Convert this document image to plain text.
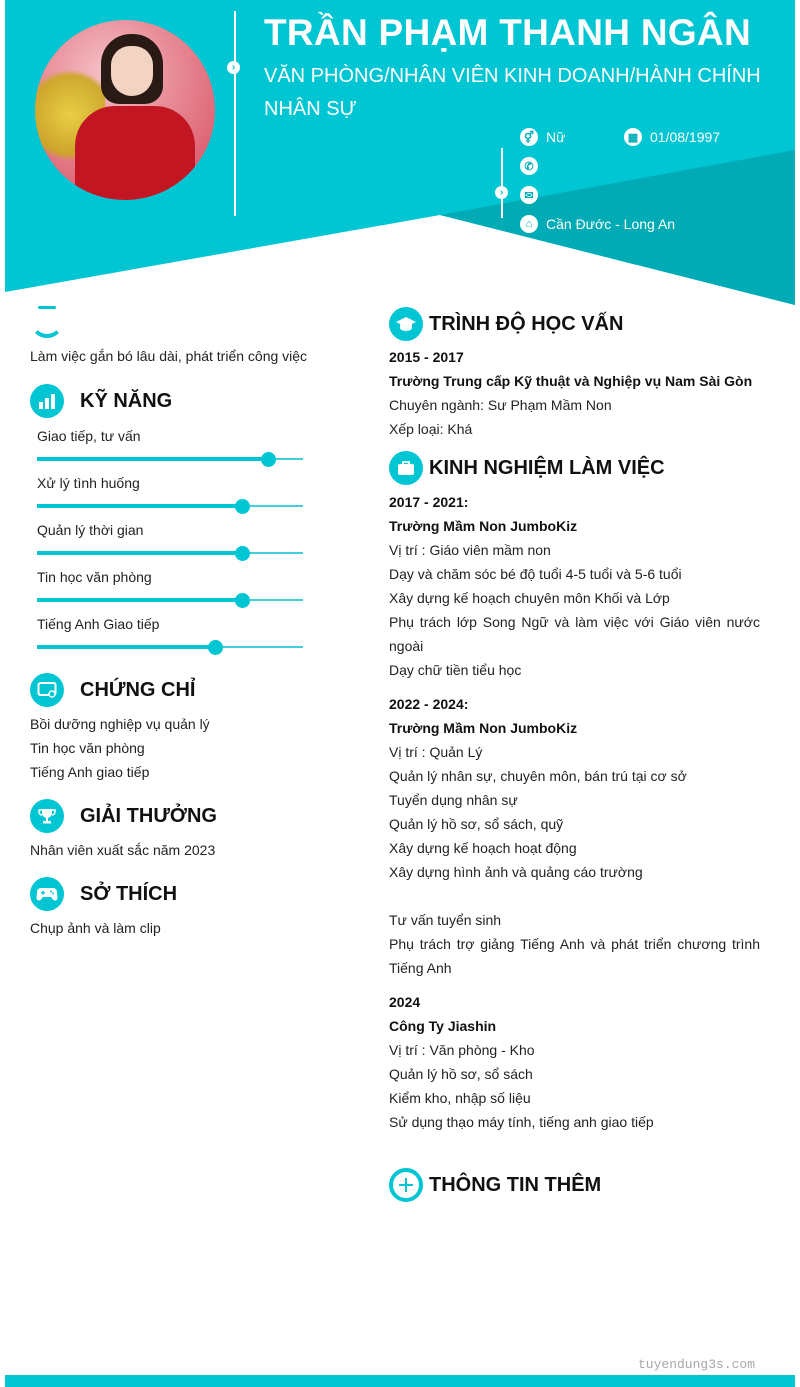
›
TRẦN PHẠM THANH NGÂN
VĂN PHÒNG/NHÂN VIÊN KINH DOANH/HÀNH CHÍNH NHÂN SỰ
›
⚥ Nữ	▦ 01/08/1997
✆
✉
⌂ Cần Đước - Long An
Làm việc gắn bó lâu dài, phát triển công việc
KỸ NĂNG
Giao tiếp, tư vấn
Xử lý tình huống
Quản lý thời gian
Tin học văn phòng
Tiếng Anh Giao tiếp
CHỨNG CHỈ
Bồi dưỡng nghiệp vụ quản lý
Tin học văn phòng
Tiếng Anh giao tiếp
GIẢI THƯỞNG
Nhân viên xuất sắc năm 2023
SỞ THÍCH
Chụp ảnh và làm clip
TRÌNH ĐỘ HỌC VẤN
2015 - 2017
Trường Trung cấp Kỹ thuật và Nghiệp vụ Nam Sài Gòn
Chuyên ngành: Sư Phạm Mầm Non
Xếp loại: Khá
KINH NGHIỆM LÀM VIỆC
2017 - 2021:
Trường Mầm Non JumboKiz
Vị trí : Giáo viên mầm non
Dạy và chăm sóc bé độ tuổi 4-5 tuổi và 5-6 tuổi
Xây dựng kế hoạch chuyên môn Khối và Lớp
Phụ trách lớp Song Ngữ và làm việc với Giáo viên nước ngoài
Dạy chữ tiền tiểu học
2022 - 2024:
Trường Mầm Non JumboKiz
Vị trí : Quản Lý
Quản lý nhân sự, chuyên môn, bán trú tại cơ sở
Tuyển dụng nhân sự
Quản lý hồ sơ, sổ sách, quỹ
Xây dựng kế hoạch hoạt động
Xây dựng hình ảnh và quảng cáo trường
Tư vấn tuyển sinh
Phụ trách trợ giảng Tiếng Anh và phát triển chương trình Tiếng Anh
2024
Công Ty Jiashin
Vị trí : Văn phòng - Kho
Quản lý hồ sơ, sổ sách
Kiểm kho, nhập số liệu
Sử dụng thạo máy tính, tiếng anh giao tiếp
THÔNG TIN THÊM
tuyendung3s.com
